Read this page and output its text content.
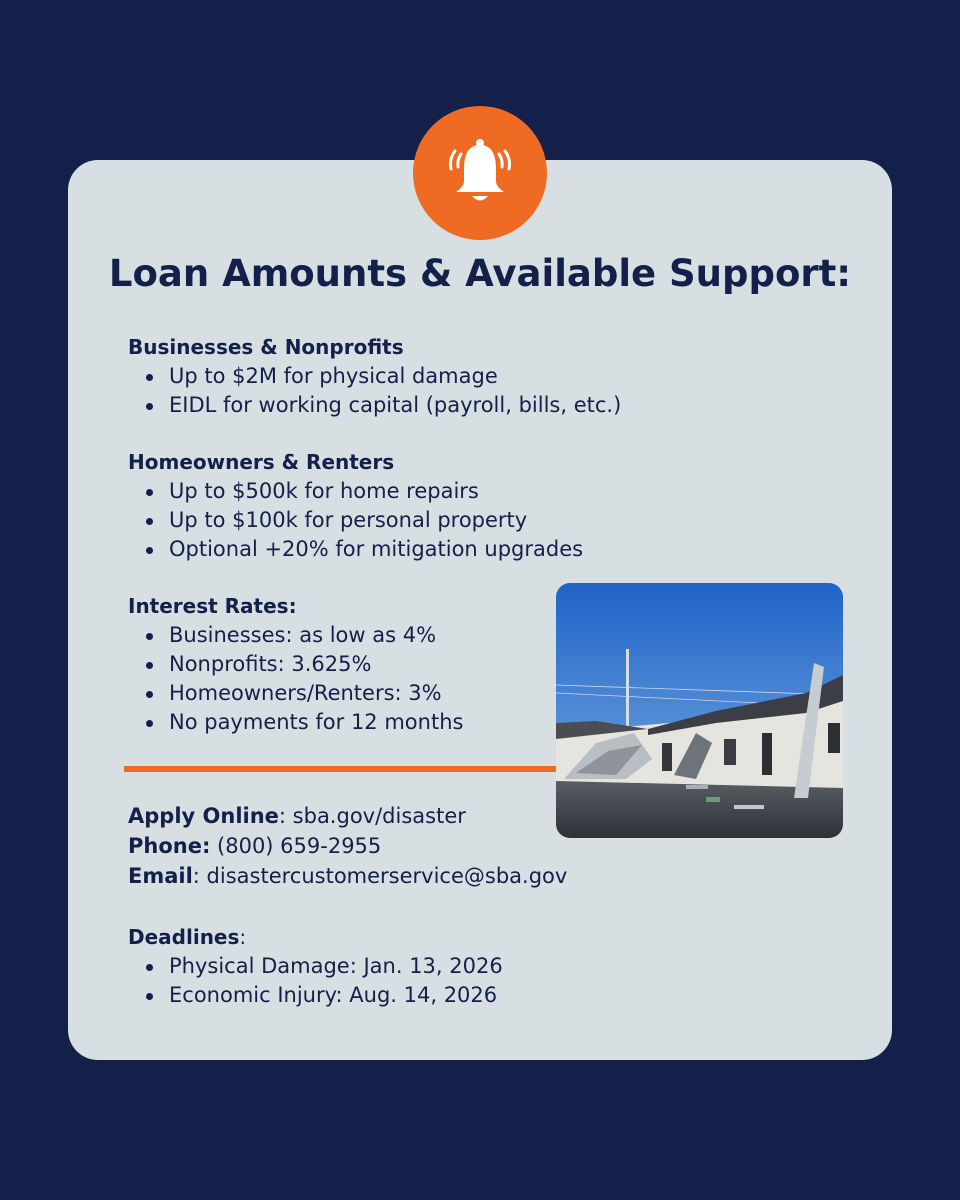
Loan Amounts & Available Support:
Businesses & Nonprofits
Up to $2M for physical damage
EIDL for working capital (payroll, bills, etc.)
Homeowners & Renters
Up to $500k for home repairs
Up to $100k for personal property
Optional +20% for mitigation upgrades
Interest Rates:
Businesses: as low as 4%
Nonprofits: 3.625%
Homeowners/Renters: 3%
No payments for 12 months
Apply Online: sba.gov/disaster
Phone: (800) 659-2955
Email: disastercustomerservice@sba.gov
Deadlines:
Physical Damage: Jan. 13, 2026
Economic Injury: Aug. 14, 2026
